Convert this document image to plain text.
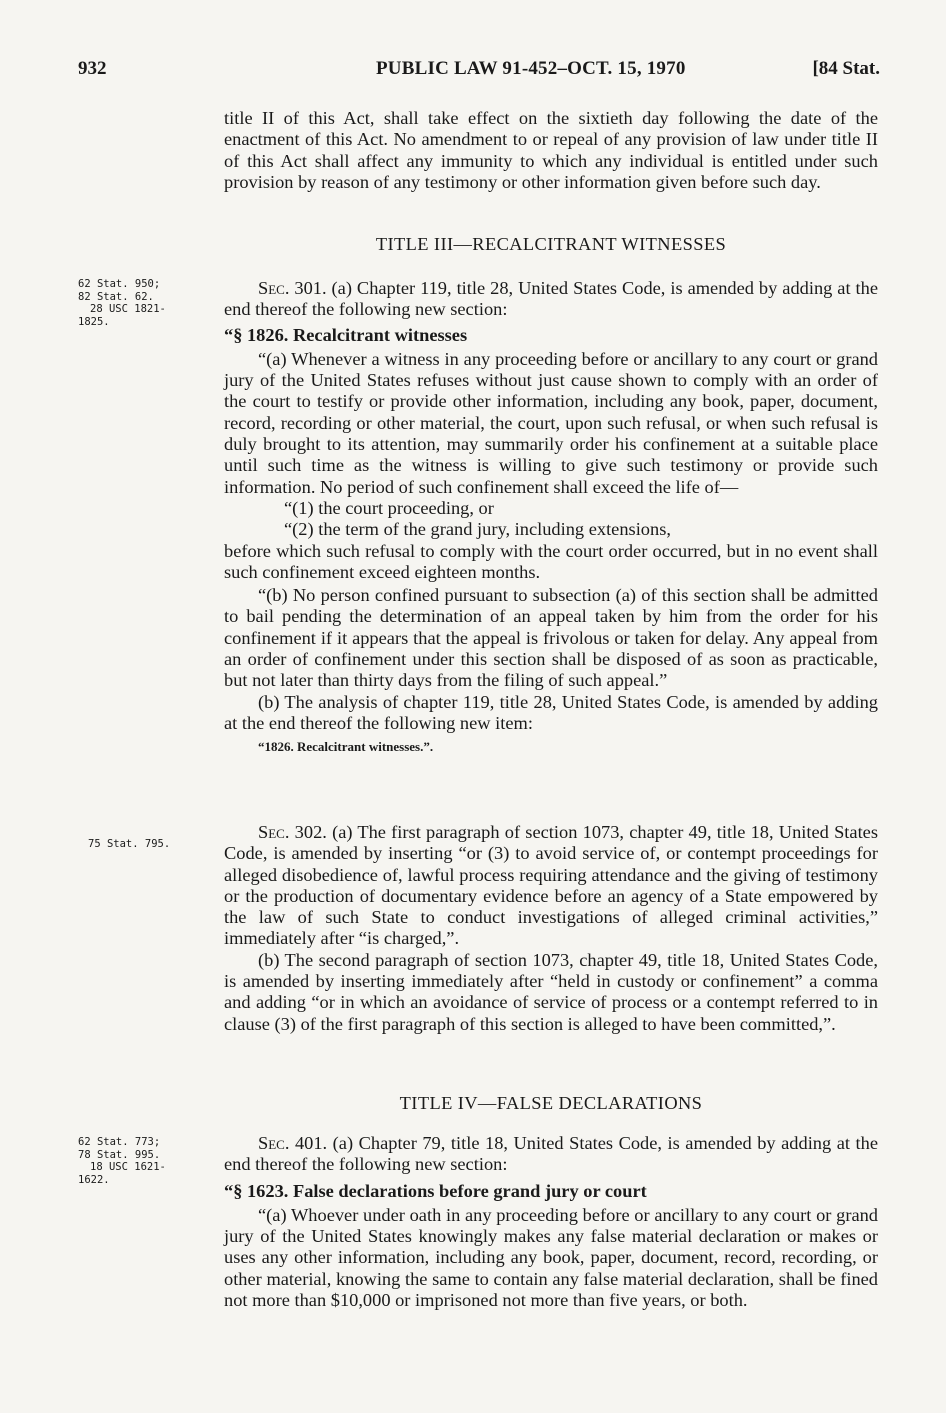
932	PUBLIC LAW 91-452–OCT. 15, 1970	[84 Stat.

title II of this Act, shall take effect on the sixtieth day following the date of the enactment of this Act. No amendment to or repeal of any provision of law under title II of this Act shall affect any immunity to which any individual is entitled under such provision by reason of any testimony or other information given before such day.

TITLE III—RECALCITRANT WITNESSES
62 Stat. 950;
82 Stat. 62.
28 USC 1821-
1825.

Sec. 301. (a) Chapter 119, title 28, United States Code, is amended by adding at the end thereof the following new section:

“§ 1826. Recalcitrant witnesses

“(a) Whenever a witness in any proceeding before or ancillary to any court or grand jury of the United States refuses without just cause shown to comply with an order of the court to testify or provide other information, including any book, paper, document, record, recording or other material, the court, upon such refusal, or when such refusal is duly brought to its attention, may summarily order his confinement at a suitable place until such time as the witness is willing to give such testimony or provide such information. No period of such confinement shall exceed the life of—

“(1) the court proceeding, or

“(2) the term of the grand jury, including extensions,

before which such refusal to comply with the court order occurred, but in no event shall such confinement exceed eighteen months.

“(b) No person confined pursuant to subsection (a) of this section shall be admitted to bail pending the determination of an appeal taken by him from the order for his confinement if it appears that the appeal is frivolous or taken for delay. Any appeal from an order of confinement under this section shall be disposed of as soon as practicable, but not later than thirty days from the filing of such appeal.”

(b) The analysis of chapter 119, title 28, United States Code, is amended by adding at the end thereof the following new item:

“1826. Recalcitrant witnesses.”.

75 Stat. 795.

Sec. 302. (a) The first paragraph of section 1073, chapter 49, title 18, United States Code, is amended by inserting “or (3) to avoid service of, or contempt proceedings for alleged disobedience of, lawful process requiring attendance and the giving of testimony or the production of documentary evidence before an agency of a State empowered by the law of such State to conduct investigations of alleged criminal activities,” immediately after “is charged,”.

(b) The second paragraph of section 1073, chapter 49, title 18, United States Code, is amended by inserting immediately after “held in custody or confinement” a comma and adding “or in which an avoidance of service of process or a contempt referred to in clause (3) of the first paragraph of this section is alleged to have been committed,”.

TITLE IV—FALSE DECLARATIONS
62 Stat. 773;
78 Stat. 995.
18 USC 1621-
1622.

Sec. 401. (a) Chapter 79, title 18, United States Code, is amended by adding at the end thereof the following new section:

“§ 1623. False declarations before grand jury or court

“(a) Whoever under oath in any proceeding before or ancillary to any court or grand jury of the United States knowingly makes any false material declaration or makes or uses any other information, including any book, paper, document, record, recording, or other material, knowing the same to contain any false material declaration, shall be fined not more than $10,000 or imprisoned not more than five years, or both.
